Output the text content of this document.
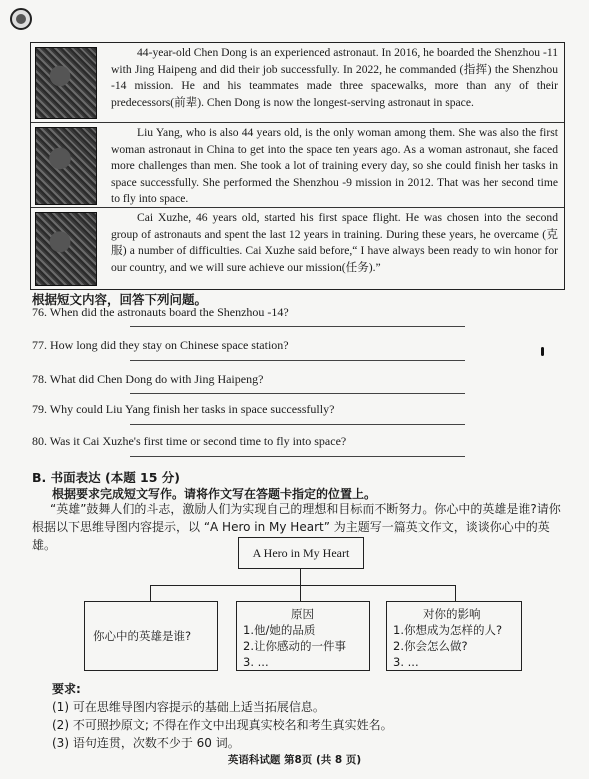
44-year-old Chen Dong is an experienced astronaut. In 2016, he boarded the Shenzhou -11 with Jing Haipeng and did their job successfully. In 2022, he commanded (指挥) the Shenzhou -14 mission. He and his teammates made three spacewalks, more than any of their predecessors(前辈). Chen Dong is now the longest-serving astronaut in space.
Liu Yang, who is also 44 years old, is the only woman among them. She was also the first woman astronaut in China to get into the space ten years ago. As a woman astronaut, she faced more challenges than men. She took a lot of training every day, so she could finish her tasks in space successfully. She performed the Shenzhou -9 mission in 2012. That was her second time to fly into space.
Cai Xuzhe, 46 years old, started his first space flight. He was chosen into the second group of astronauts and spent the last 12 years in training. During these years, he overcame (克服) a number of difficulties. Cai Xuzhe said before,“ I have always been ready to win honor for our country, and we will sure achieve our mission(任务).”
根据短文内容，回答下列问题。
76. When did the astronauts board the Shenzhou -14?
77. How long did they stay on Chinese space station?
78. What did Chen Dong do with Jing Haipeng?
79. Why could Liu Yang finish her tasks in space successfully?
80. Was it Cai Xuzhe's first time or second time to fly into space?
B. 书面表达 (本题 15 分)
根据要求完成短文写作。请将作文写在答题卡指定的位置上。
“英雄”鼓舞人们的斗志，激励人们为实现自己的理想和目标而不断努力。你心中的英雄是谁?请你根据以下思维导图内容提示，以 “A Hero in My Heart” 为主题写一篇英文作文，谈谈你心中的英雄。
A Hero in My Heart
你心中的英雄是谁?
原因
1.他/她的品质
2.让你感动的一件事
3. ...
对你的影响
1.你想成为怎样的人?
2.你会怎么做?
3. ...
要求:
(1) 可在思维导图内容提示的基础上适当拓展信息。
(2) 不可照抄原文; 不得在作文中出现真实校名和考生真实姓名。
(3) 语句连贯，次数不少于 60 词。
英语科试题 第8页 (共 8 页)
